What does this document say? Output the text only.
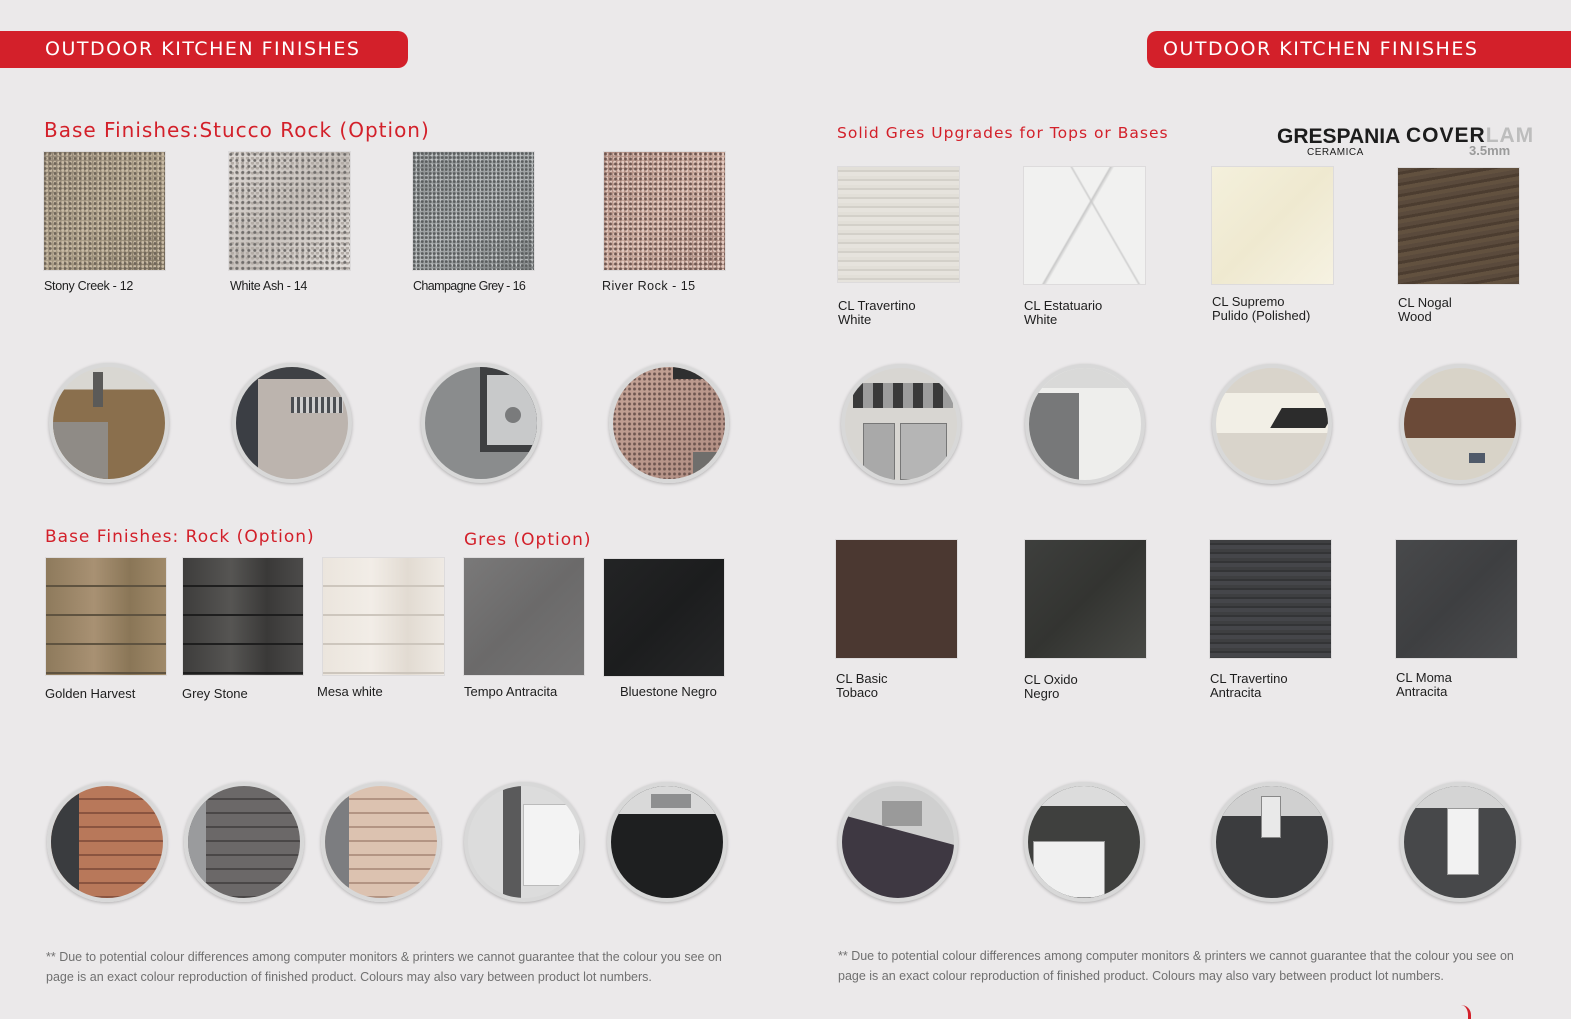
OUTDOOR KITCHEN FINISHES	OUTDOOR KITCHEN FINISHES
Base Finishes:Stucco Rock (Option)
Stony Creek - 12	White Ash - 14	Champagne Grey - 16	River Rock - 15
Base Finishes: Rock (Option)	Gres (Option)
Golden Harvest	Grey Stone	Mesa white	Tempo Antracita	Bluestone Negro
** Due to potential colour differences among computer monitors & printers we cannot guarantee that the colour you see on page is an exact colour reproduction of finished product. Colours may also vary between product lot numbers.
Solid Gres Upgrades for Tops or Bases	GRESPANIA
CERAMICA
COVERLAM
3.5mm
CL Travertino
White
CL Estatuario
White
CL Supremo
Pulido (Polished)
CL Nogal
Wood
CL Basic
Tobaco
CL Oxido
Negro
CL Travertino
Antracita
CL Moma
Antracita
** Due to potential colour differences among computer monitors & printers we cannot guarantee that the colour you see on page is an exact colour reproduction of finished product. Colours may also vary between product lot numbers.
